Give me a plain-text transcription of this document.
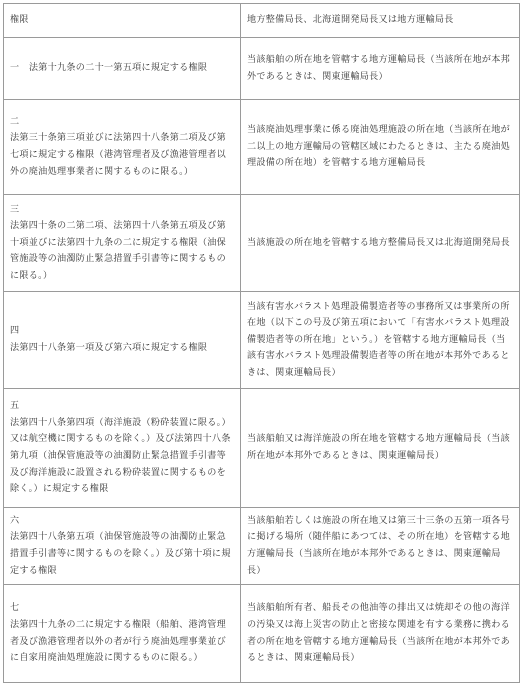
権限	地方整備局長、北海道開発局長又は地方運輸局長
一　 法第十九条の二十一第五項に規定する権限	当該船舶の所在地を管轄する地方運輸局長（当該所在地が本邦外であるときは、関東運輸局長）

二
法第三十条第三項並びに法第四十八条第二項及び第七項に規定する権限（港湾管理者及び漁港管理者以外の廃油処理事業者に関するものに限る。）	当該廃油処理事業に係る廃油処理施設の所在地（当該所在地が二以上の地方運輸局の管轄区域にわたるときは、主たる廃油処理設備の所在地）を管轄する地方運輸局長

三
法第四十条の二第二項、法第四十八条第五項及び第十項並びに法第四十九条の二に規定する権限（油保管施設等の油濁防止緊急措置手引書等に関するものに限る。）	当該施設の所在地を管轄する地方整備局長又は北海道開発局長

四
法第四十八条第一項及び第六項に規定する権限	当該有害水バラスト処理設備製造者等の事務所又は事業所の所在地（以下この号及び第五項において「有害水バラスト処理設備製造者等の所在地」という。）を管轄する地方運輸局長（当該有害水バラスト処理設備製造者等の所在地が本邦外であるときは、関東運輸局長）

五
法第四十八条第四項（海洋施設（粉砕装置に限る。）又は航空機に関するものを除く。）及び法第四十八条第九項（油保管施設等の油濁防止緊急措置手引書等及び海洋施設に設置される粉砕装置に関するものを除く。）に規定する権限	当該船舶又は海洋施設の所在地を管轄する地方運輸局長（当該所在地が本邦外であるときは、関東運輸局長）

六
法第四十八条第五項（油保管施設等の油濁防止緊急措置手引書等に関するものを除く。）及び第十項に規定する権限	当該船舶若しくは施設の所在地又は第三十三条の五第一項各号に掲げる場所（随伴船にあつては、その所在地）を管轄する地方運輸局長（当該所在地が本邦外であるときは、関東運輸局長）

七
法第四十九条の二に規定する権限（船舶、港湾管理者及び漁港管理者以外の者が行う廃油処理事業並びに自家用廃油処理施設に関するものに限る。）	当該船舶所有者、船長その他油等の排出又は焼却その他の海洋の汚染又は海上災害の防止と密接な関連を有する業務に携わる者の所在地を管轄する地方運輸局長（当該所在地が本邦外であるときは、関東運輸局長）
